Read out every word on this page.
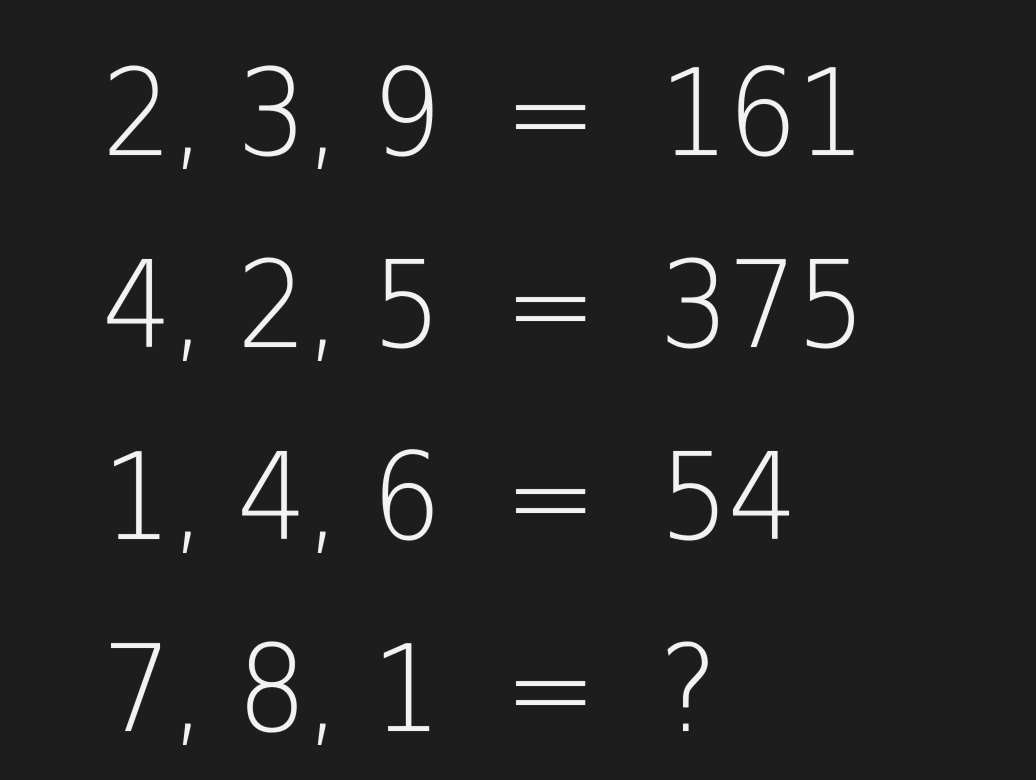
2, 3, 9 = 161
4, 2, 5 = 375
1, 4, 6 = 54
7, 8, 1 = ?
